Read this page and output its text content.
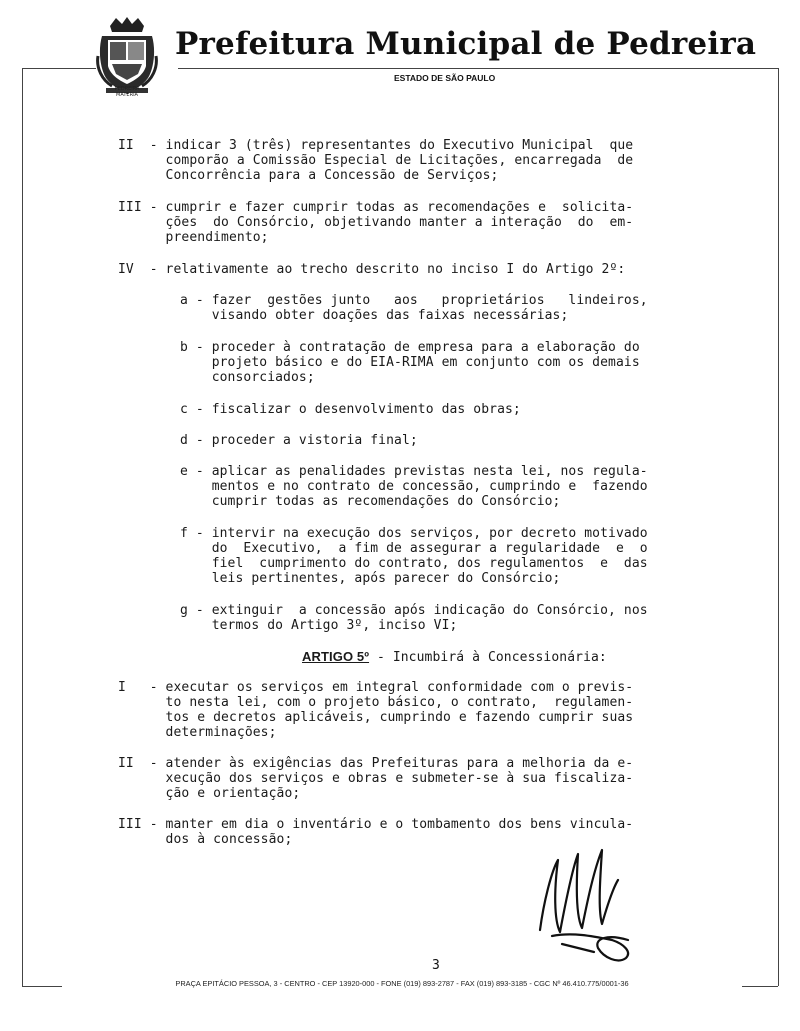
PEDREIRA
MATERIA
Prefeitura Municipal de Pedreira
ESTADO DE SÃO PAULO

II  - indicar 3 (três) representantes do Executivo Municipal  que

comporão a Comissão Especial de Licitações, encarregada  de

Concorrência para a Concessão de Serviços;

III - cumprir e fazer cumprir todas as recomendações e  solicita-

ções  do Consórcio, objetivando manter a interação  do  em-

preendimento;

IV  - relativamente ao trecho descrito no inciso I do Artigo 2º:

a - fazer  gestões junto   aos   proprietários   lindeiros,

visando obter doações das faixas necessárias;

b - proceder à contratação de empresa para a elaboração do

projeto básico e do EIA-RIMA em conjunto com os demais

consorciados;

c - fiscalizar o desenvolvimento das obras;

d - proceder a vistoria final;

e - aplicar as penalidades previstas nesta lei, nos regula-

mentos e no contrato de concessão, cumprindo e  fazendo

cumprir todas as recomendações do Consórcio;

f - intervir na execução dos serviços, por decreto motivado

do  Executivo,  a fim de assegurar a regularidade  e  o

fiel  cumprimento do contrato, dos regulamentos  e  das

leis pertinentes, após parecer do Consórcio;

g - extinguir  a concessão após indicação do Consórcio, nos

termos do Artigo 3º, inciso VI;

ARTIGO 5º - Incumbirá à Concessionária:

I   - executar os serviços em integral conformidade com o previs-

to nesta lei, com o projeto básico, o contrato,  regulamen-

tos e decretos aplicáveis, cumprindo e fazendo cumprir suas

determinações;

II  - atender às exigências das Prefeituras para a melhoria da e-

xecução dos serviços e obras e submeter-se à sua fiscaliza-

ção e orientação;

III - manter em dia o inventário e o tombamento dos bens vincula-

dos à concessão;

3
PRAÇA EPITÁCIO PESSOA, 3 - CENTRO - CEP 13920-000 - FONE (019) 893-2787 - FAX (019) 893-3185 - CGC Nº 46.410.775/0001-36
